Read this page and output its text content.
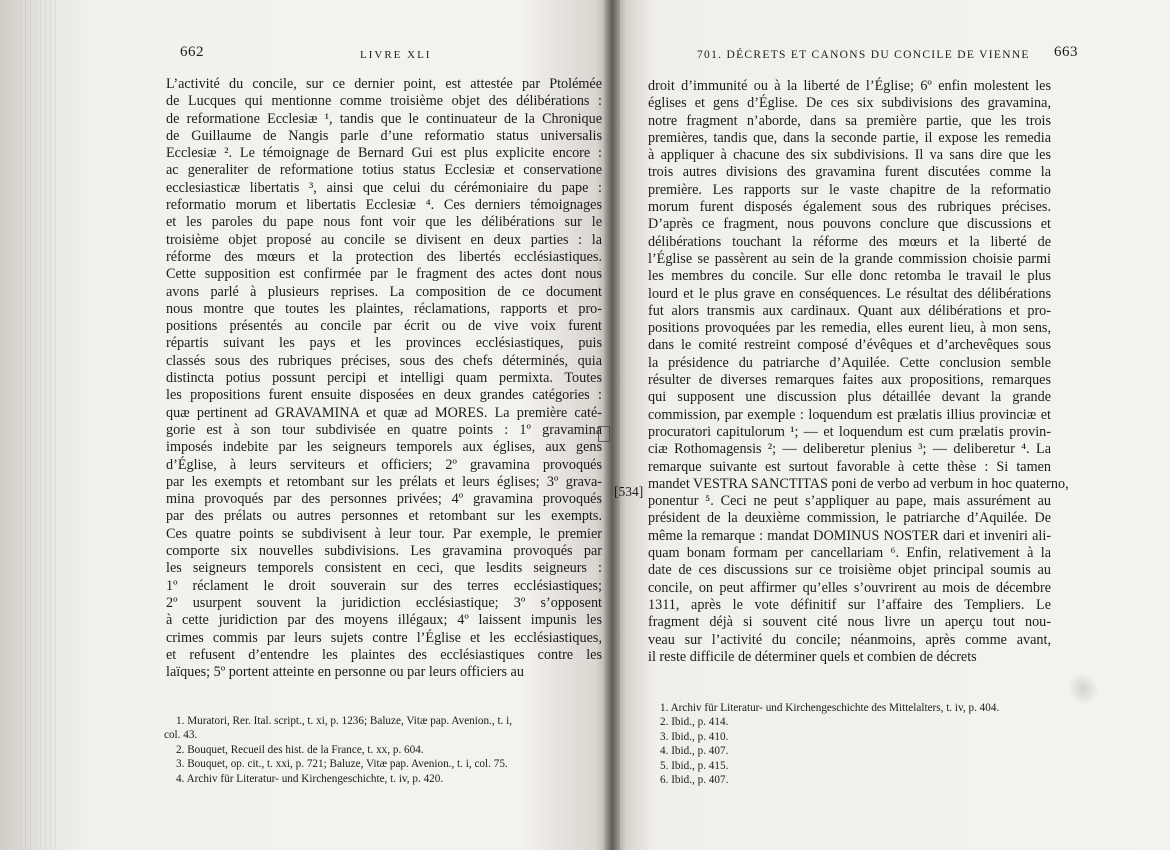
662	LIVRE XLI	701. DÉCRETS ET CANONS DU CONCILE DE VIENNE 663
L’activité du concile, sur ce dernier point, est attestée par Ptolémée
de Lucques qui mentionne comme troisième objet des délibérations :
de reformatione Ecclesiæ ¹, tandis que le continuateur de la Chronique
de Guillaume de Nangis parle d’une reformatio status universalis
Ecclesiæ ². Le témoignage de Bernard Gui est plus explicite encore :
ac generaliter de reformatione totius status Ecclesiæ et conservatione
ecclesiasticæ libertatis ³, ainsi que celui du cérémoniaire du pape :
reformatio morum et libertatis Ecclesiæ ⁴. Ces derniers témoignages
et les paroles du pape nous font voir que les délibérations sur le
troisième objet proposé au concile se divisent en deux parties : la
réforme des mœurs et la protection des libertés ecclésiastiques.
Cette supposition est confirmée par le fragment des actes dont nous
avons parlé à plusieurs reprises. La composition de ce document
nous montre que toutes les plaintes, réclamations, rapports et pro-
positions présentés au concile par écrit ou de vive voix furent
répartis suivant les pays et les provinces ecclésiastiques, puis
classés sous des rubriques précises, sous des chefs déterminés, quia
distincta potius possunt percipi et intelligi quam permixta. Toutes
les propositions furent ensuite disposées en deux grandes catégories :
quæ pertinent ad GRAVAMINA et quæ ad MORES. La première caté-
gorie est à son tour subdivisée en quatre points : 1º gravamina
imposés indebite par les seigneurs temporels aux églises, aux gens
d’Église, à leurs serviteurs et officiers; 2º gravamina provoqués
par les exempts et retombant sur les prélats et leurs églises; 3º grava-
mina provoqués par des personnes privées; 4º gravamina provoqués
par des prélats ou autres personnes et retombant sur les exempts.
Ces quatre points se subdivisent à leur tour. Par exemple, le premier
comporte six nouvelles subdivisions. Les gravamina provoqués par
les seigneurs temporels consistent en ceci, que lesdits seigneurs :
1º réclament le droit souverain sur des terres ecclésiastiques;
2º usurpent souvent la juridiction ecclésiastique; 3º s’opposent
à cette juridiction par des moyens illégaux; 4º laissent impunis les
crimes commis par leurs sujets contre l’Église et les ecclésiastiques,
et refusent d’entendre les plaintes des ecclésiastiques contre les
laïques; 5º portent atteinte en personne ou par leurs officiers au
[534]
droit d’immunité ou à la liberté de l’Église; 6º enfin molestent les
églises et gens d’Église. De ces six subdivisions des gravamina,
notre fragment n’aborde, dans sa première partie, que les trois
premières, tandis que, dans la seconde partie, il expose les remedia
à appliquer à chacune des six subdivisions. Il va sans dire que les
trois autres divisions des gravamina furent discutées comme la
première. Les rapports sur le vaste chapitre de la reformatio
morum furent disposés également sous des rubriques précises.
D’après ce fragment, nous pouvons conclure que discussions et
délibérations touchant la réforme des mœurs et la liberté de
l’Église se passèrent au sein de la grande commission choisie parmi
les membres du concile. Sur elle donc retomba le travail le plus
lourd et le plus grave en conséquences. Le résultat des délibérations
fut alors transmis aux cardinaux. Quant aux délibérations et pro-
positions provoquées par les remedia, elles eurent lieu, à mon sens,
dans le comité restreint composé d’évêques et d’archevêques sous
la présidence du patriarche d’Aquilée. Cette conclusion semble
résulter de diverses remarques faites aux propositions, remarques
qui supposent une discussion plus détaillée devant la grande
commission, par exemple : loquendum est prælatis illius provinciæ et
procuratori capitulorum ¹; — et loquendum est cum prælatis provin-
ciæ Rothomagensis ²; — deliberetur plenius ³; — deliberetur ⁴. La
remarque suivante est surtout favorable à cette thèse : Si tamen
mandet VESTRA SANCTITAS poni de verbo ad verbum in hoc quaterno,
ponentur ⁵. Ceci ne peut s’appliquer au pape, mais assurément au
président de la deuxième commission, le patriarche d’Aquilée. De
même la remarque : mandat DOMINUS NOSTER dari et inveniri ali-
quam bonam formam per cancellariam ⁶. Enfin, relativement à la
date de ces discussions sur ce troisième objet principal soumis au
concile, on peut affirmer qu’elles s’ouvrirent au mois de décembre
1311, après le vote définitif sur l’affaire des Templiers. Le
fragment déjà si souvent cité nous livre un aperçu tout nou-
veau sur l’activité du concile; néanmoins, après comme avant,
il reste difficile de déterminer quels et combien de décrets

1. Muratori, Rer. Ital. script., t. xi, p. 1236; Baluze, Vitæ pap. Avenion., t. i,

col. 43.

2. Bouquet, Recueil des hist. de la France, t. xx, p. 604.

3. Bouquet, op. cit., t. xxi, p. 721; Baluze, Vitæ pap. Avenion., t. i, col. 75.

4. Archiv für Literatur- und Kirchengeschichte, t. iv, p. 420.

1. Archiv für Literatur- und Kirchengeschichte des Mittelalters, t. iv, p. 404.

2. Ibid., p. 414.

3. Ibid., p. 410.

4. Ibid., p. 407.

5. Ibid., p. 415.

6. Ibid., p. 407.
